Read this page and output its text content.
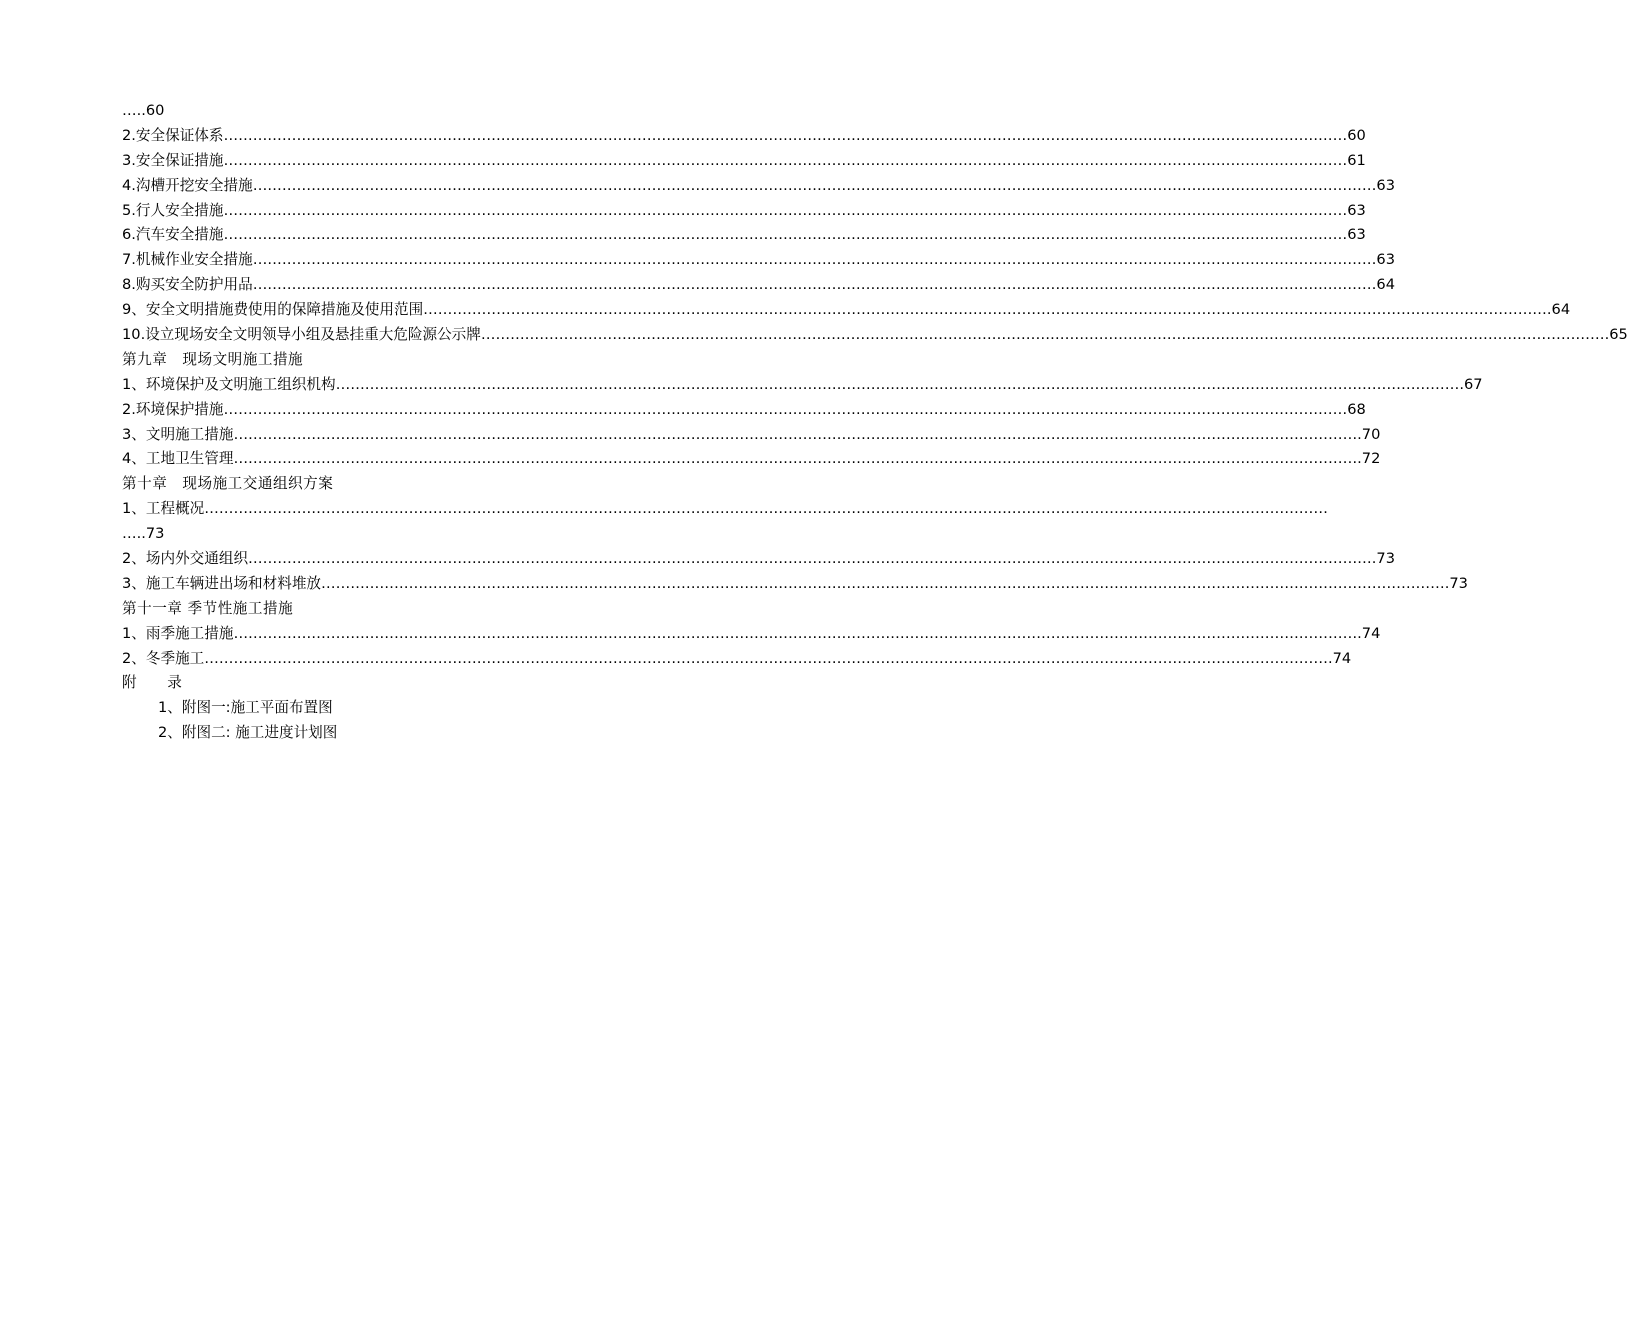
…..60
2.安全保证体系 …………………………………………………………………………………………………………………………………………………………………………………………………………… 60
3.安全保证措施 …………………………………………………………………………………………………………………………………………………………………………………………………………… 61
4.沟槽开挖安全措施 …………………………………………………………………………………………………………………………………………………………………………………………………………… 63
5.行人安全措施 …………………………………………………………………………………………………………………………………………………………………………………………………………… 63
6.汽车安全措施 …………………………………………………………………………………………………………………………………………………………………………………………………………… 63
7.机械作业安全措施 …………………………………………………………………………………………………………………………………………………………………………………………………………… 63
8.购买安全防护用品 …………………………………………………………………………………………………………………………………………………………………………………………………………… 64
9、安全文明措施费使用的保障措施及使用范围 …………………………………………………………………………………………………………………………………………………………………………………………………………… .64
10.设立现场安全文明领导小组及悬挂重大危险源公示牌 …………………………………………………………………………………………………………………………………………………………………………………………………………… .65
第九章　现场文明施工措施
1、环境保护及文明施工组织机构 …………………………………………………………………………………………………………………………………………………………………………………………………………… .67
2.环境保护措施 …………………………………………………………………………………………………………………………………………………………………………………………………………… 68
3、文明施工措施 …………………………………………………………………………………………………………………………………………………………………………………………………………… .70
4、工地卫生管理 …………………………………………………………………………………………………………………………………………………………………………………………………………… .72
第十章　现场施工交通组织方案
1、工程概况 ……………………………………………………………………………………………………………………………………………………………………………………………………………
…..73
2、场内外交通组织 …………………………………………………………………………………………………………………………………………………………………………………………………………… .73
3、施工车辆进出场和材料堆放 …………………………………………………………………………………………………………………………………………………………………………………………………………… .73
第十一章 季节性施工措施
1、雨季施工措施 …………………………………………………………………………………………………………………………………………………………………………………………………………… .74
2、冬季施工 …………………………………………………………………………………………………………………………………………………………………………………………………………… .74
附　　录
1、附图一:施工平面布置图
2、附图二: 施工进度计划图
